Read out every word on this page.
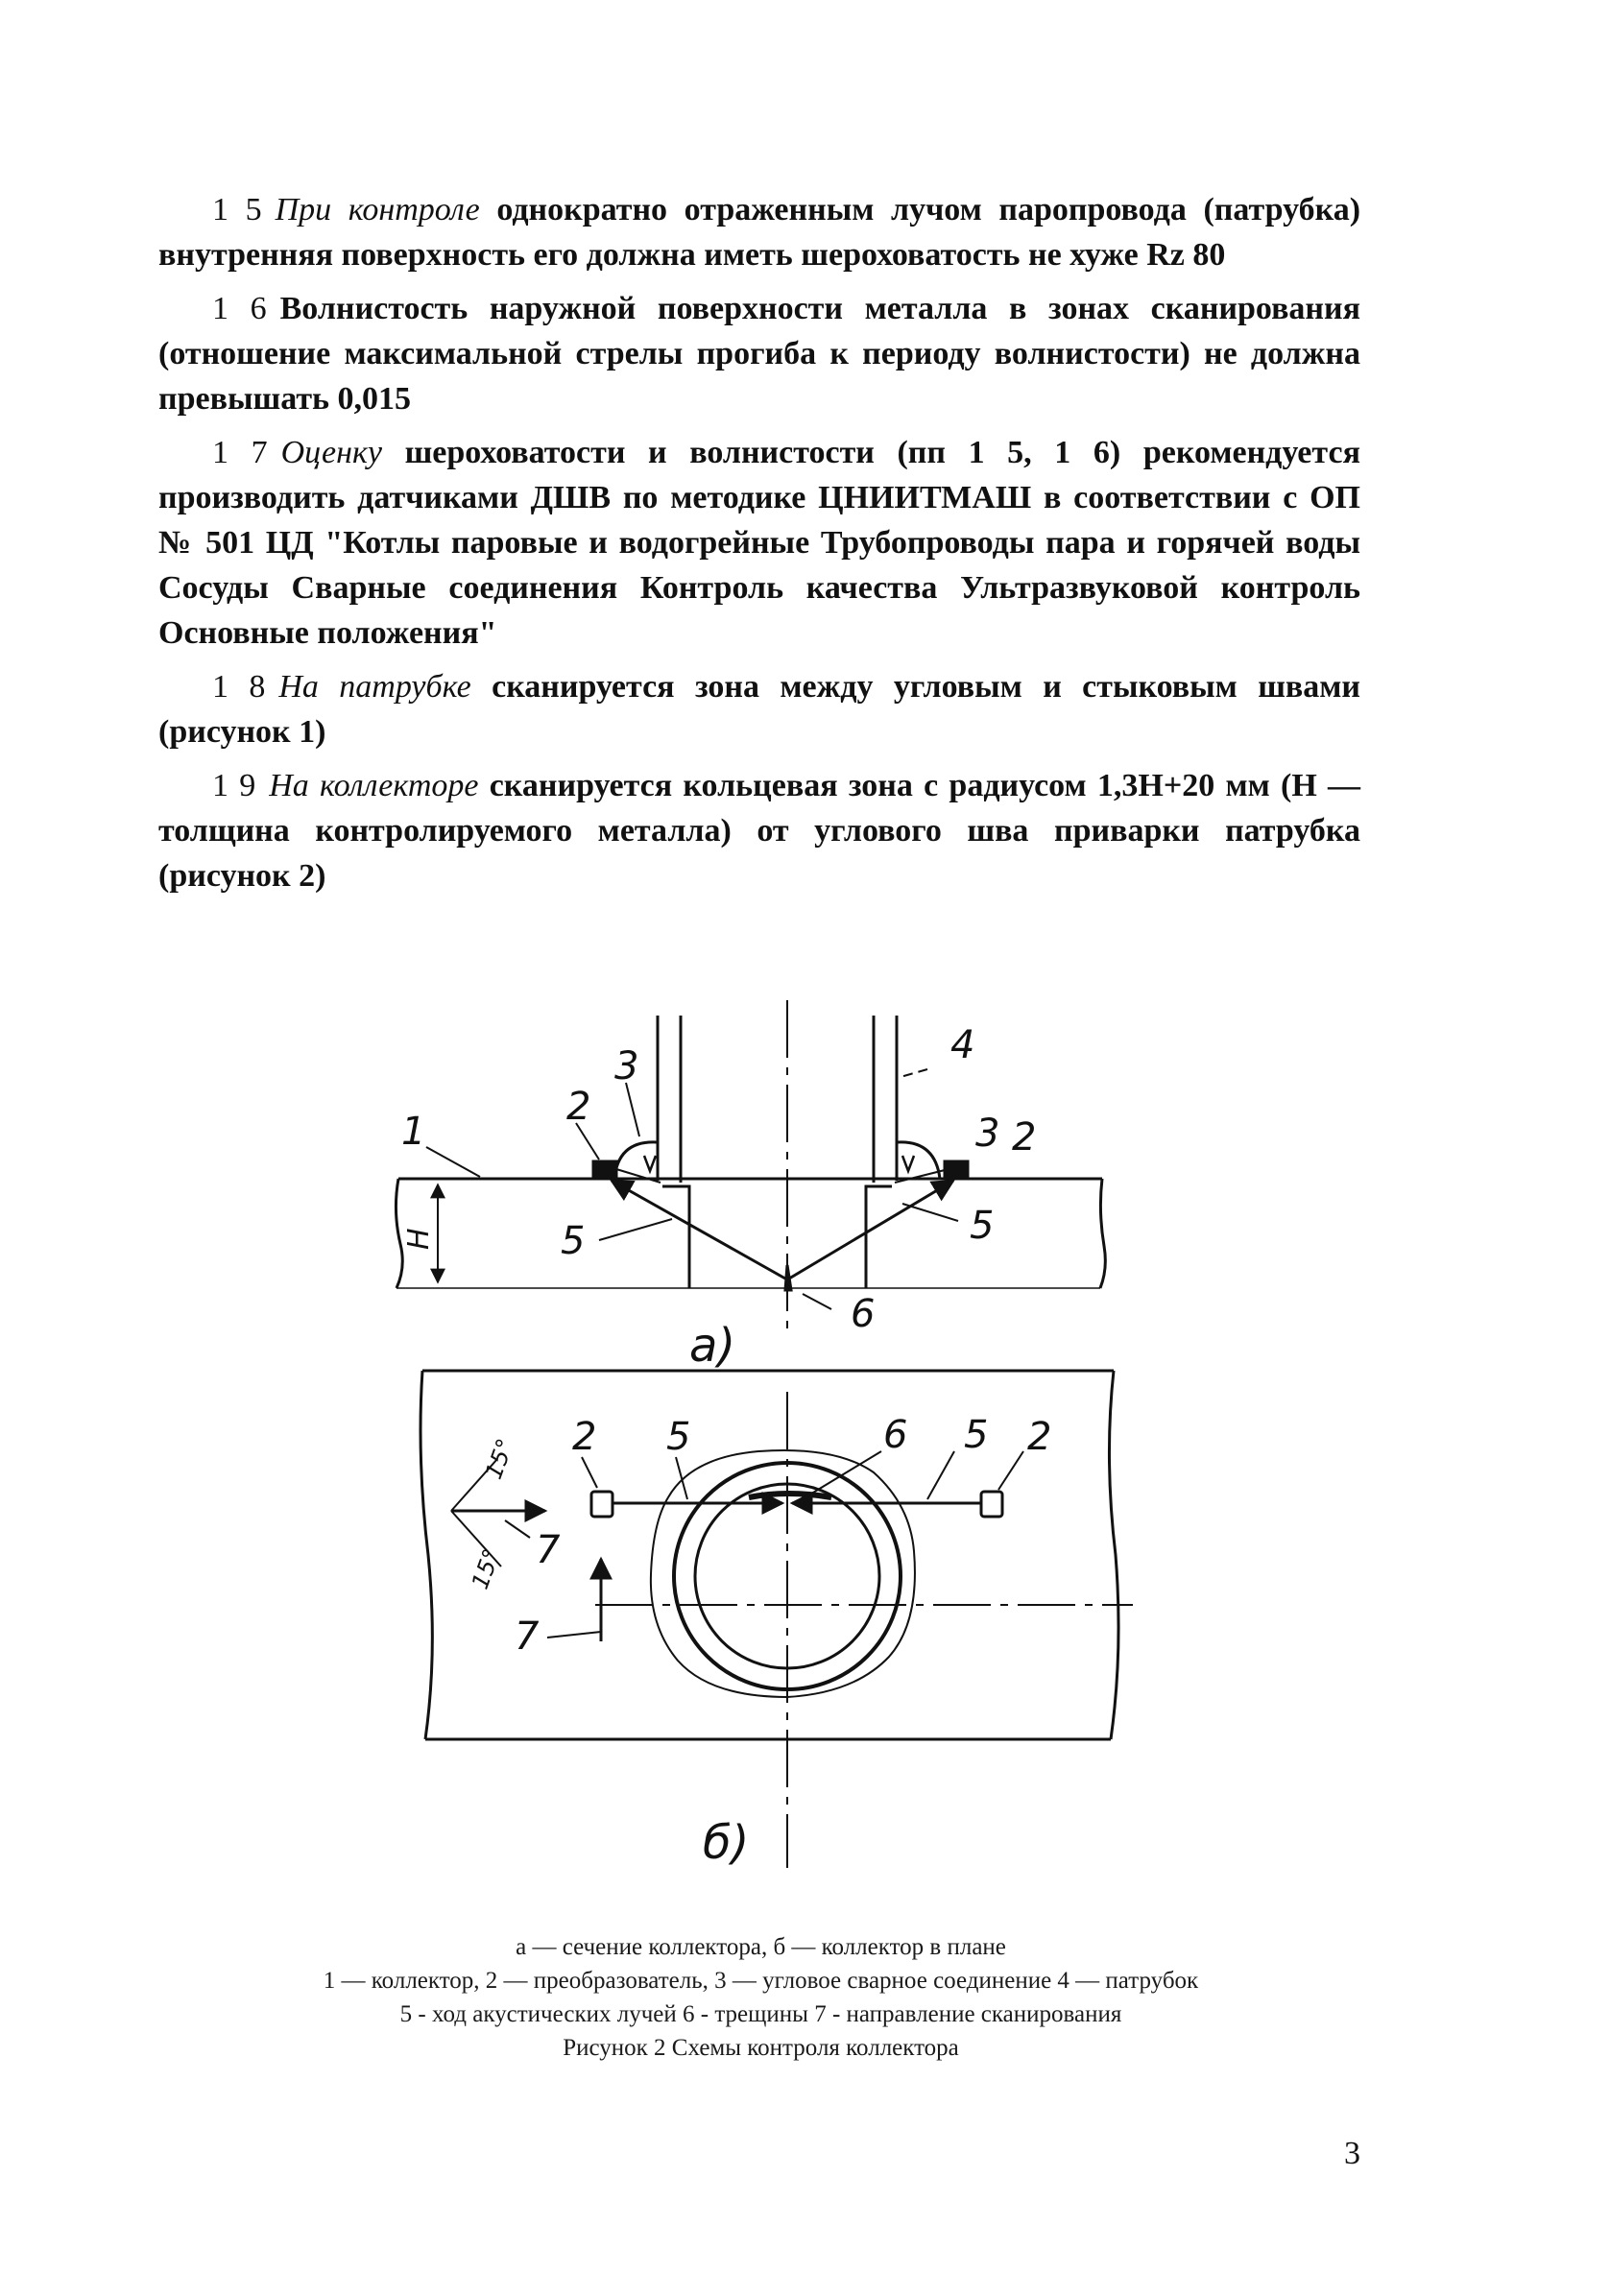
1 5 При контроле однократно отраженным лучом паропровода (патрубка) внутренняя поверхность его должна иметь шероховатость не хуже Rz 80

1 6 Волнистость наружной поверхности металла в зонах сканирования (отношение максимальной стрелы прогиба к периоду волнистости) не должна превышать 0,015

1 7 Оценку шероховатости и волнистости (пп 1 5, 1 6) рекомендуется производить датчиками ДШВ по методике ЦНИИТМАШ в соответствии с ОП № 501 ЦД "Котлы паровые и водогрейные Трубопроводы пара и горячей воды Сосуды Сварные соединения Контроль качества Ультразвуковой контроль Основные положения"

1 8 На патрубке сканируется зона между угловым и стыковым швами (рисунок 1)

1 9 На коллекторе сканируется кольцевая зона с радиусом 1,3Н+20 мм (Н — толщина контролируемого металла) от углового шва приварки патрубка (рисунок 2)

1
2
3	4
3 2
5	5
6
H
а)
2 5	6 5 2
7
7
15°
15°
б)
а — сечение коллектора, б — коллектор в плане
1 — коллектор, 2 — преобразователь, 3 — угловое сварное соединение 4 — патрубок
5 - ход акустических лучей 6 - трещины 7 - направление сканирования
Рисунок 2 Схемы контроля коллектора
3
